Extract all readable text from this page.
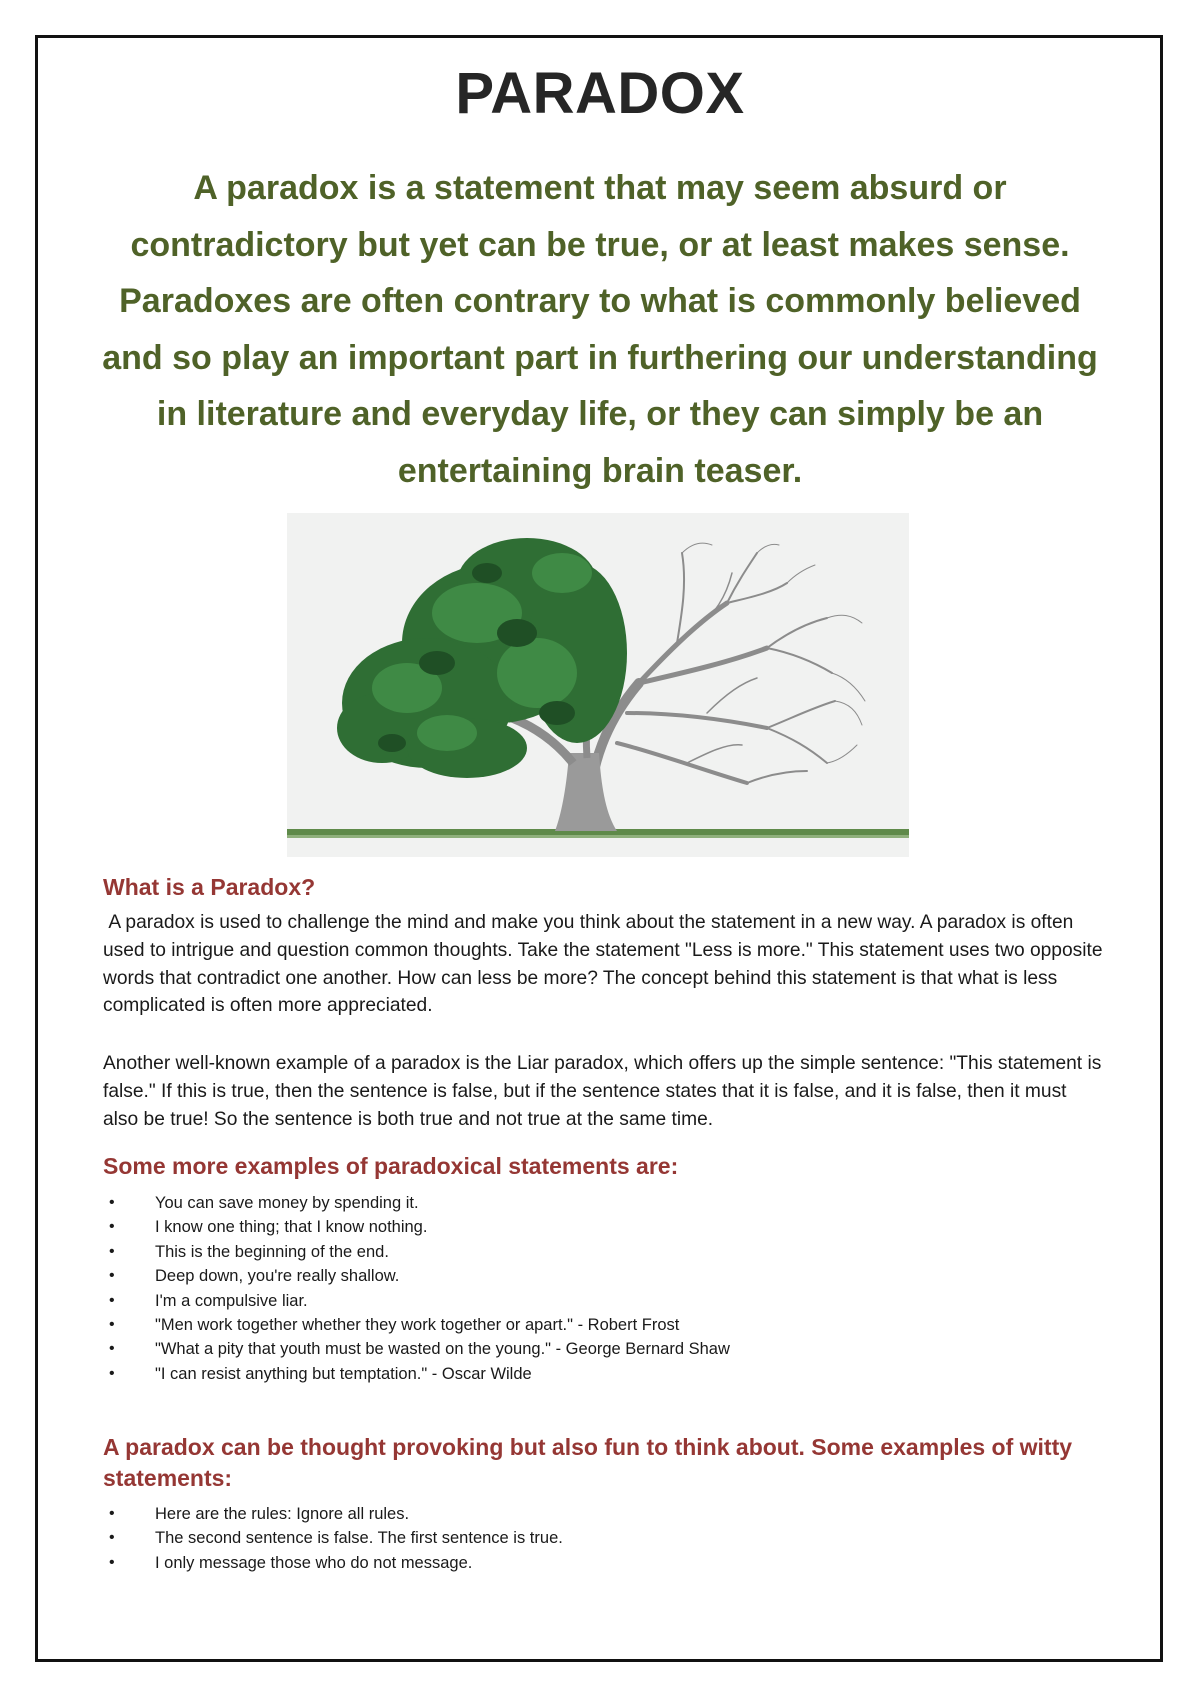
PARADOX

A paradox is a statement that may seem absurd or contradictory but yet can be true, or at least makes sense. Paradoxes are often contrary to what is commonly believed and so play an important part in furthering our understanding in literature and everyday life, or they can simply be an entertaining brain teaser.

What is a Paradox?

A paradox is used to challenge the mind and make you think about the statement in a new way. A paradox is often used to intrigue and question common thoughts. Take the statement "Less is more." This statement uses two opposite words that contradict one another. How can less be more? The concept behind this statement is that what is less complicated is often more appreciated.

Another well-known example of a paradox is the Liar paradox, which offers up the simple sentence: "This statement is false." If this is true, then the sentence is false, but if the sentence states that it is false, and it is false, then it must also be true! So the sentence is both true and not true at the same time.

Some more examples of paradoxical statements are:
• You can save money by spending it.
• I know one thing; that I know nothing.
• This is the beginning of the end.
• Deep down, you're really shallow.
• I'm a compulsive liar.
• "Men work together whether they work together or apart." - Robert Frost
• "What a pity that youth must be wasted on the young." - George Bernard Shaw
• "I can resist anything but temptation." - Oscar Wilde
A paradox can be thought provoking but also fun to think about. Some examples of witty statements:
• Here are the rules: Ignore all rules.
• The second sentence is false. The first sentence is true.
• I only message those who do not message.
